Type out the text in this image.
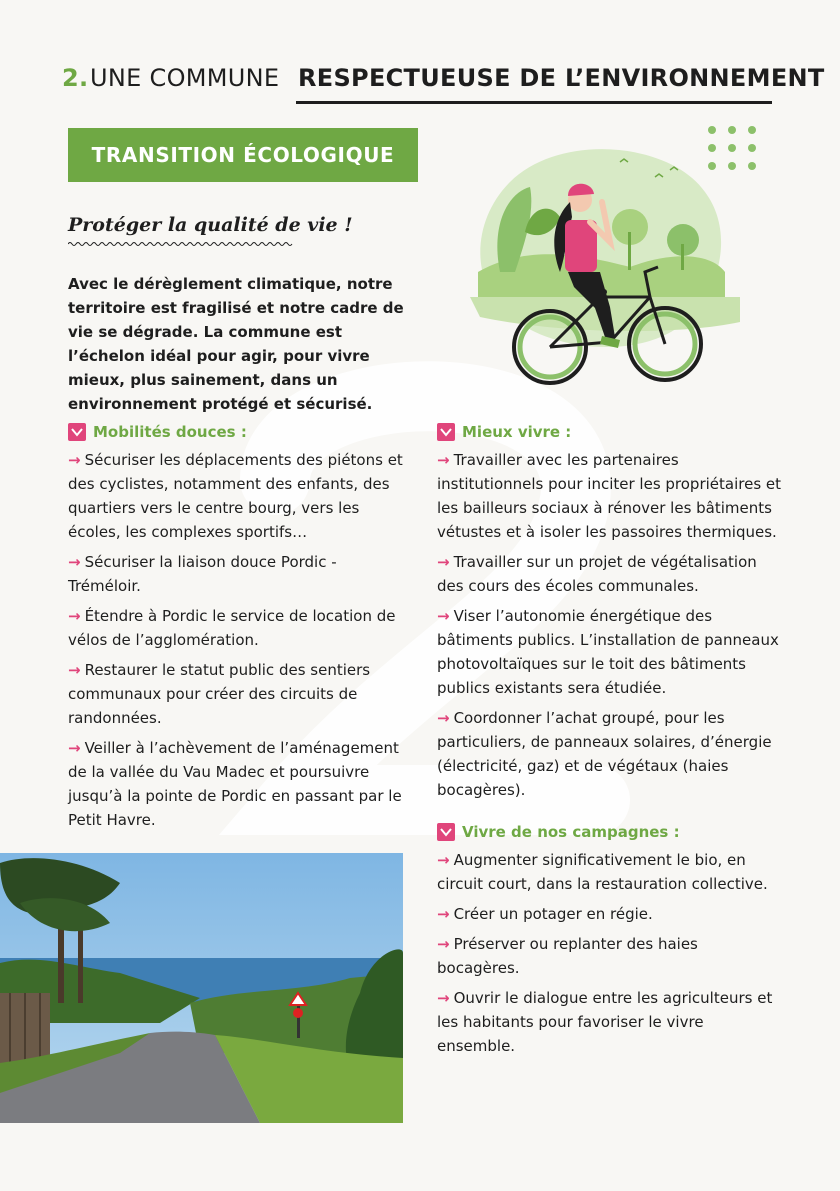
2. UNE COMMUNE RESPECTUEUSE DE L’ENVIRONNEMENT
TRANSITION ÉCOLOGIQUE
Protéger la qualité de vie !

Avec le dérèglement climatique, notre territoire est fragilisé et notre cadre de vie se dégrade. La commune est l’échelon idéal pour agir, pour vivre mieux, plus sainement, dans un environnement protégé et sécurisé.

Mobilités douces :

→ Sécuriser les déplacements des piétons et des cyclistes, notamment des enfants, des quartiers vers le centre bourg, vers les écoles, les complexes sportifs…

→ Sécuriser la liaison douce Pordic - Tréméloir.

→ Étendre à Pordic le service de location de vélos de l’agglomération.

→ Restaurer le statut public des sentiers communaux pour créer des circuits de randonnées.

→ Veiller à l’achèvement de l’aménagement de la vallée du Vau Madec et poursuivre jusqu’à la pointe de Pordic en passant par le Petit Havre.

Mieux vivre :

→ Travailler avec les partenaires institutionnels pour inciter les propriétaires et les bailleurs sociaux à rénover les bâtiments vétustes et à isoler les passoires thermiques.

→ Travailler sur un projet de végétalisation des cours des écoles communales.

→ Viser l’autonomie énergétique des bâtiments publics. L’installation de panneaux photovoltaïques sur le toit des bâtiments publics existants sera étudiée.

→ Coordonner l’achat groupé, pour les particuliers, de panneaux solaires, d’énergie (électricité, gaz) et de végétaux (haies bocagères).

Vivre de nos campagnes :

→ Augmenter significativement le bio, en circuit court, dans la restauration collective.

→ Créer un potager en régie.

→ Préserver ou replanter des haies bocagères.

→ Ouvrir le dialogue entre les agriculteurs et les habitants pour favoriser le vivre ensemble.
